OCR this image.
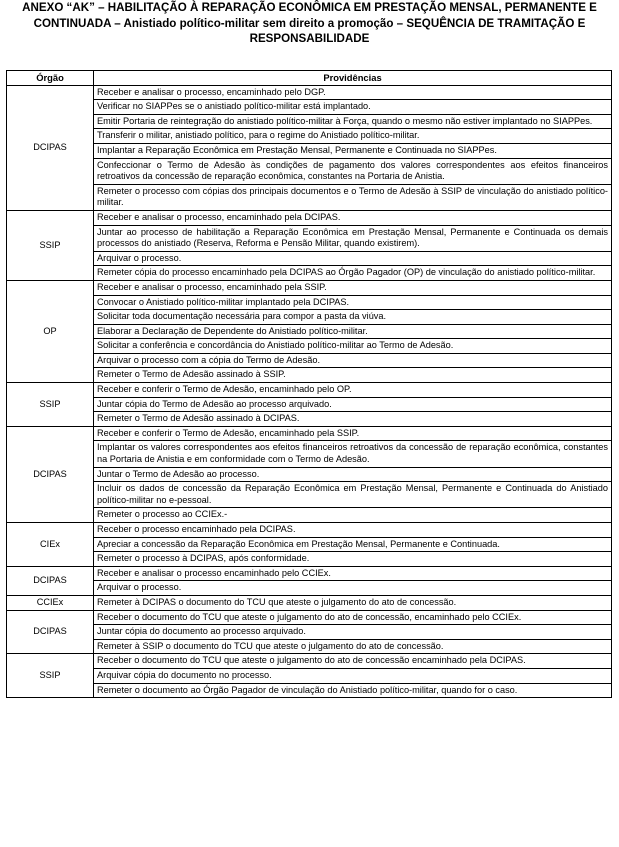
ANEXO “AK” – HABILITAÇÃO À REPARAÇÃO ECONÔMICA EM PRESTAÇÃO MENSAL, PERMANENTE E
CONTINUADA – Anistiado político-militar sem direito a promoção – SEQUÊNCIA DE TRAMITAÇÃO E
RESPONSABILIDADE
Órgão	Providências
DCIPAS	Receber e analisar o processo, encaminhado pelo DGP.
	Verificar no SIAPPes se o anistiado político-militar está implantado.
	Emitir Portaria de reintegração do anistiado político-militar à Força, quando o mesmo não estiver implantado no SIAPPes.
	Transferir o militar, anistiado político, para o regime do Anistiado político-militar.
	Implantar a Reparação Econômica em Prestação Mensal, Permanente e Continuada no SIAPPes.
	Confeccionar o Termo de Adesão às condições de pagamento dos valores correspondentes aos efeitos financeiros retroativos da concessão de reparação econômica, constantes na Portaria de Anistia.
	Remeter o processo com cópias dos principais documentos e o Termo de Adesão à SSIP de vinculação do anistiado político-militar.
SSIP	Receber e analisar o processo, encaminhado pela DCIPAS.
	Juntar ao processo de habilitação a Reparação Econômica em Prestação Mensal, Permanente e Continuada os demais processos do anistiado (Reserva, Reforma e Pensão Militar, quando existirem).
	Arquivar o processo.
	Remeter cópia do processo encaminhado pela DCIPAS ao Órgão Pagador (OP) de vinculação do anistiado político-militar.
OP	Receber e analisar o processo, encaminhado pela SSIP.
	Convocar o Anistiado político-militar implantado pela DCIPAS.
	Solicitar toda documentação necessária para compor a pasta da viúva.
	Elaborar a Declaração de Dependente do Anistiado político-militar.
	Solicitar a conferência e concordância do Anistiado político-militar ao Termo de Adesão.
	Arquivar o processo com a cópia do Termo de Adesão.
	Remeter o Termo de Adesão assinado à SSIP.
SSIP	Receber e conferir o Termo de Adesão, encaminhado pelo OP.
	Juntar cópia do Termo de Adesão ao processo arquivado.
	Remeter o Termo de Adesão assinado à DCIPAS.
DCIPAS	Receber e conferir o Termo de Adesão, encaminhado pela SSIP.
	Implantar os valores correspondentes aos efeitos financeiros retroativos da concessão de reparação econômica, constantes na Portaria de Anistia e em conformidade com o Termo de Adesão.
	Juntar o Termo de Adesão ao processo.
	Incluir os dados de concessão da Reparação Econômica em Prestação Mensal, Permanente e Continuada do Anistiado político-militar no e-pessoal.
	Remeter o processo ao CCIEx.-
CIEx	Receber o processo encaminhado pela DCIPAS.
	Apreciar a concessão da Reparação Econômica em Prestação Mensal, Permanente e Continuada.
	Remeter o processo à DCIPAS, após conformidade.
DCIPAS	Receber e analisar o processo encaminhado pelo CCIEx.
	Arquivar o processo.
CCIEx	Remeter à DCIPAS o documento do TCU que ateste o julgamento do ato de concessão.
DCIPAS	Receber o documento do TCU que ateste o julgamento do ato de concessão, encaminhado pelo CCIEx.
	Juntar cópia do documento ao processo arquivado.
	Remeter à SSIP o documento do TCU que ateste o julgamento do ato de concessão.
SSIP	Receber o documento do TCU que ateste o julgamento do ato de concessão encaminhado pela DCIPAS.
	Arquivar cópia do documento no processo.
	Remeter o documento ao Órgão Pagador de vinculação do Anistiado político-militar, quando for o caso.
